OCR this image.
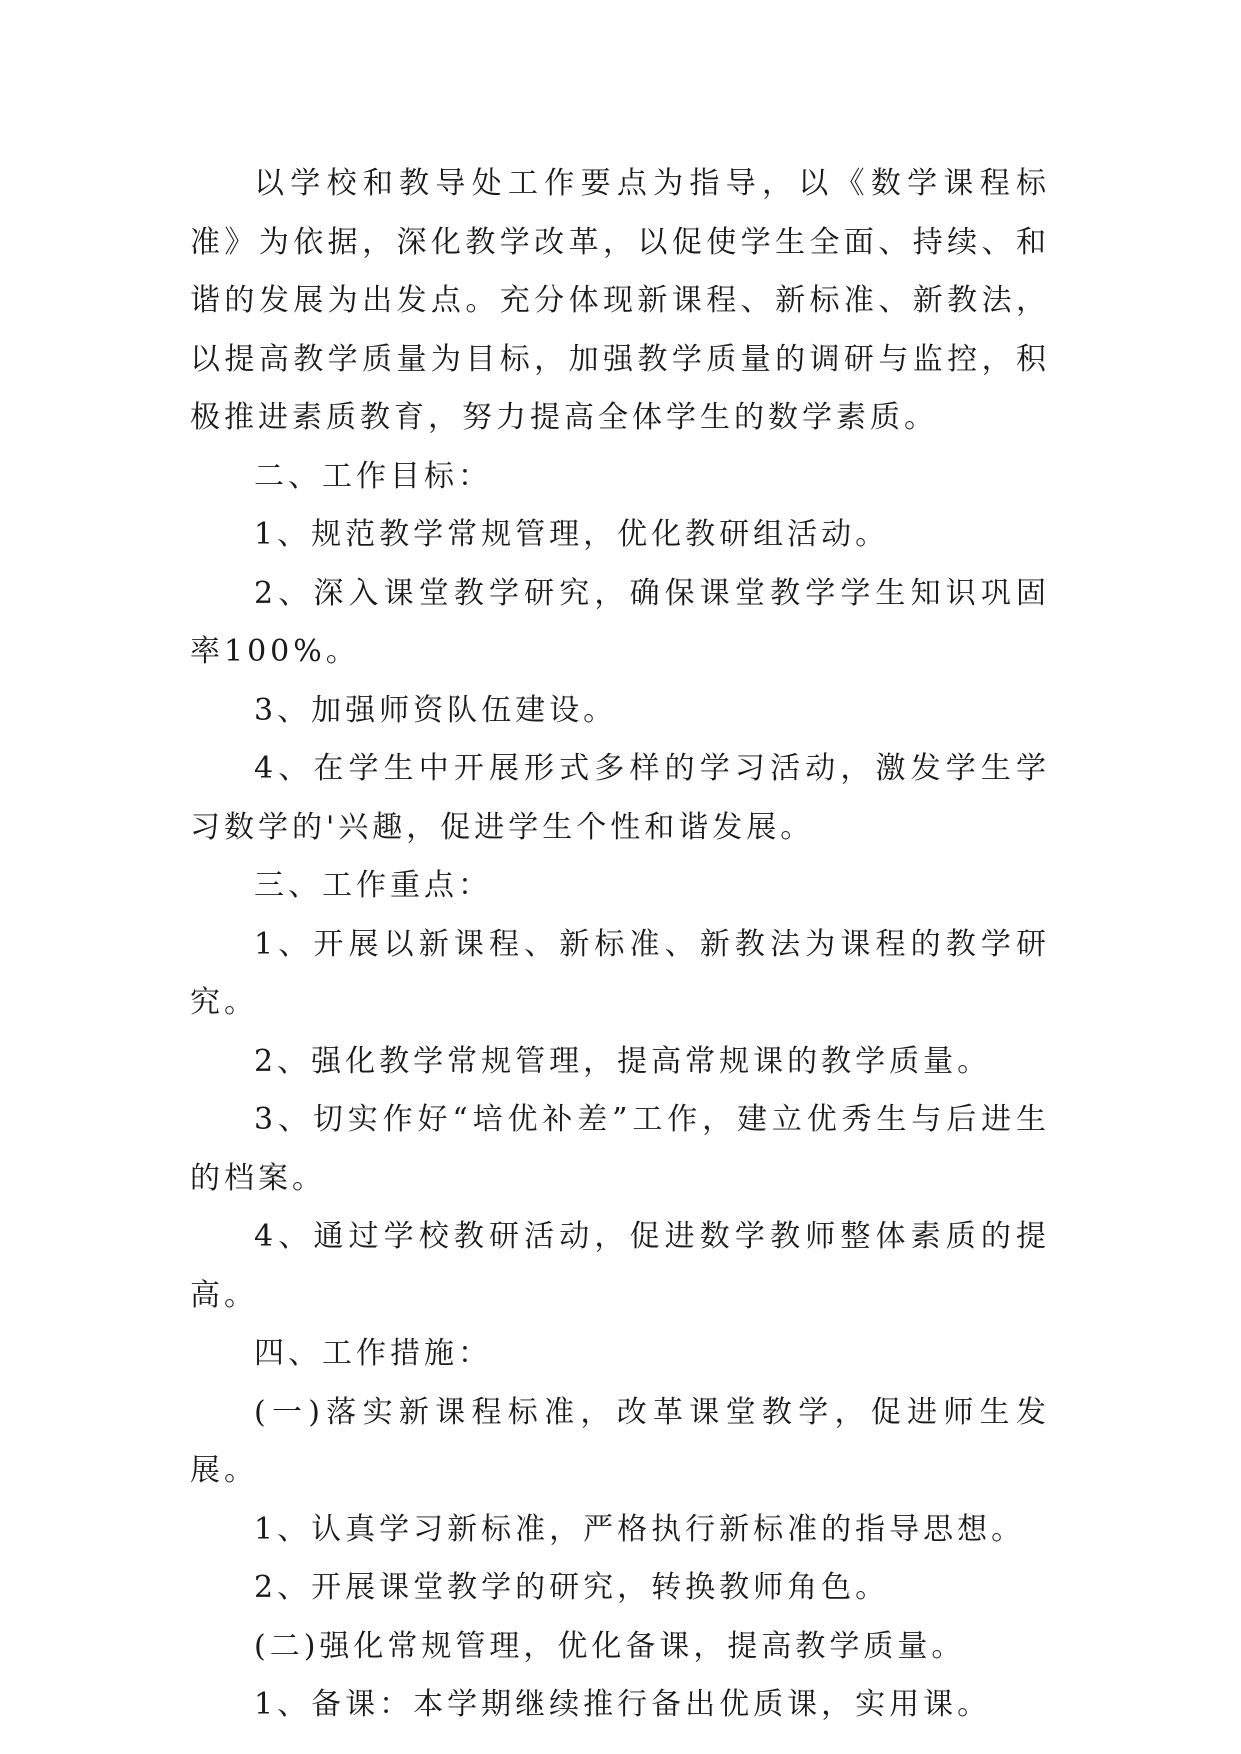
以学校和教导处工作要点为指导，以《数学课程标准》为依据，深化教学改革，以促使学生全面、持续、和谐的发展为出发点。充分体现新课程、新标准、新教法，以提高教学质量为目标，加强教学质量的调研与监控，积极推进素质教育，努力提高全体学生的数学素质。

二、工作目标：

1、规范教学常规管理，优化教研组活动。

2、深入课堂教学研究，确保课堂教学学生知识巩固率100%。

3、加强师资队伍建设。

4、在学生中开展形式多样的学习活动，激发学生学习数学的'兴趣，促进学生个性和谐发展。

三、工作重点：

1、开展以新课程、新标准、新教法为课程的教学研究。

2、强化教学常规管理，提高常规课的教学质量。

3、切实作好“培优补差”工作，建立优秀生与后进生的档案。

4、通过学校教研活动，促进数学教师整体素质的提高。

四、工作措施：

(一)落实新课程标准，改革课堂教学，促进师生发展。

1、认真学习新标准，严格执行新标准的指导思想。

2、开展课堂教学的研究，转换教师角色。

(二)强化常规管理，优化备课，提高教学质量。

1、备课：本学期继续推行备出优质课，实用课。
